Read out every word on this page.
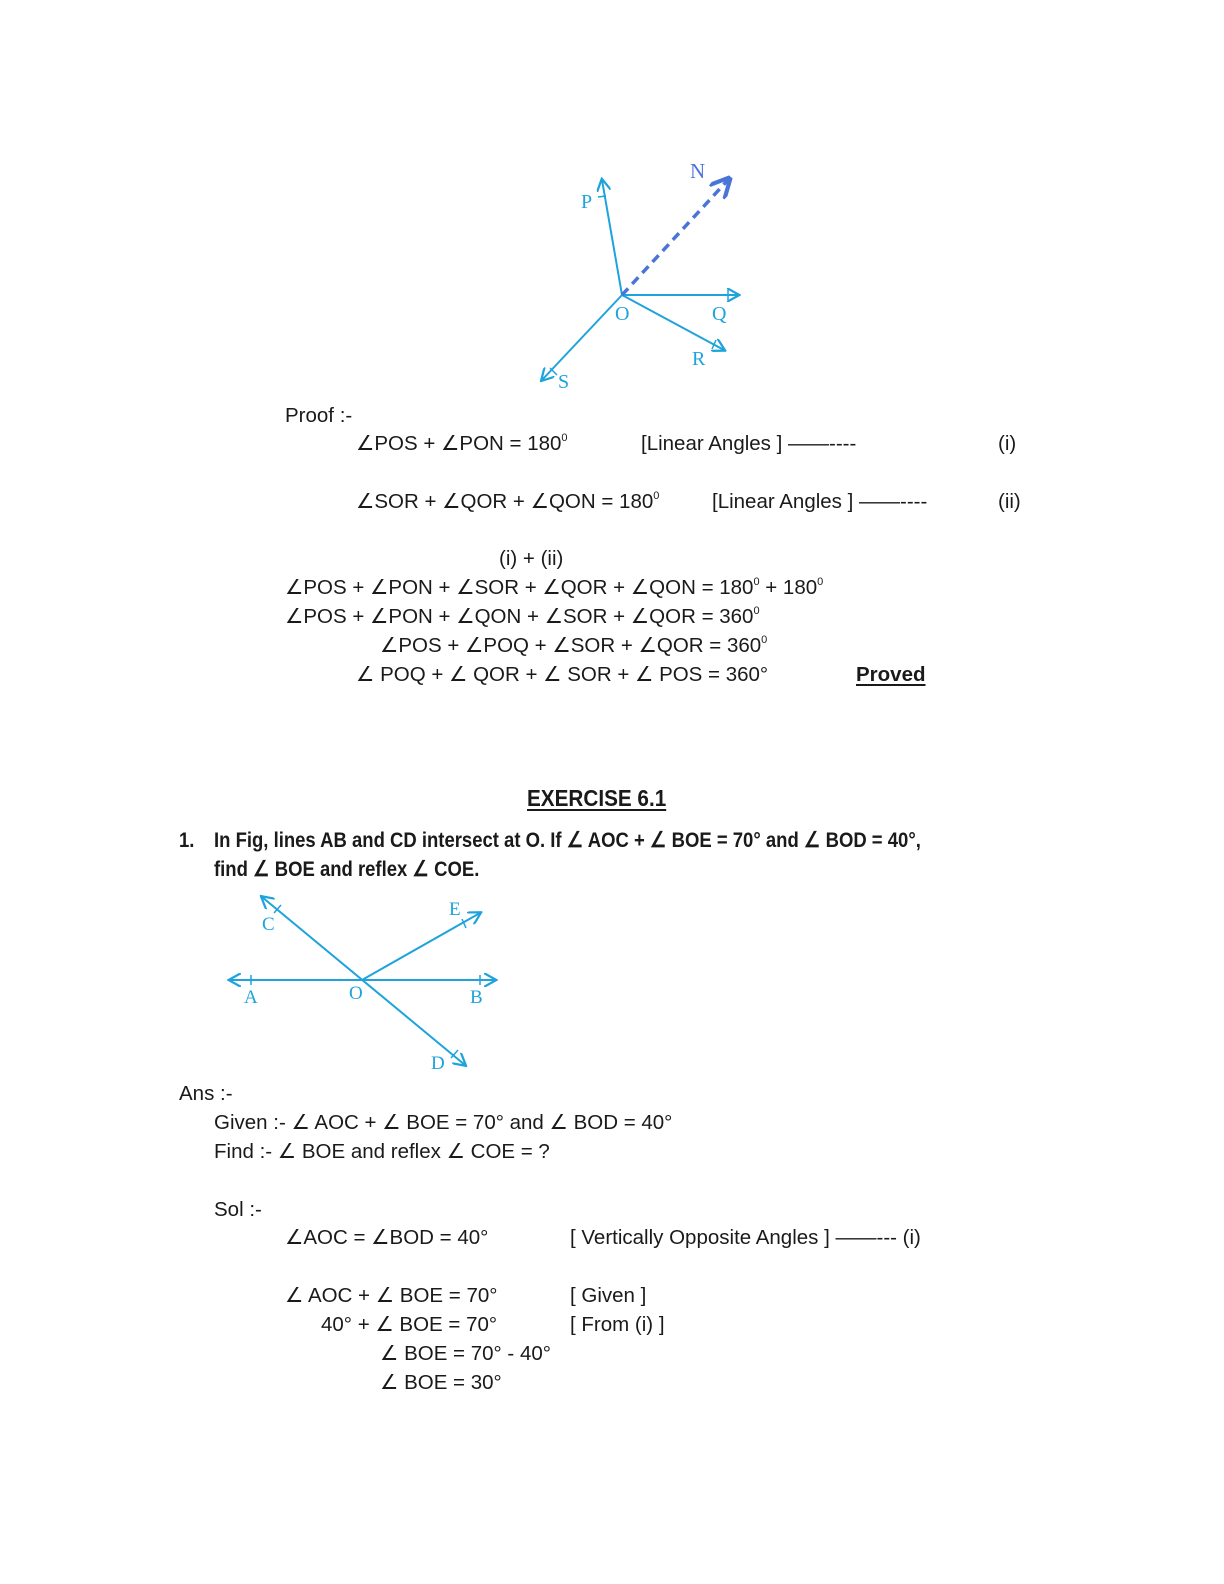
N
P
O	Q
R
S
Proof :-
∠POS + ∠PON = $180^0$	[Linear Angles ] ——----	(i)
∠SOR + ∠QOR + ∠QON = $180^0$	[Linear Angles ] ——----	(ii)
(i) + (ii)
∠POS + ∠PON + ∠SOR + ∠QOR + ∠QON = $180^0 + 180^0$
∠POS + ∠PON + ∠QON + ∠SOR + ∠QOR = $360^0$
∠POS + ∠POQ + ∠SOR + ∠QOR = $360^0$
∠ POQ + ∠ QOR + ∠ SOR + ∠ POS = 360°	Proved
EXERCISE 6.1
1. In Fig, lines AB and CD intersect at O. If ∠ AOC + ∠ BOE = 70° and ∠ BOD = 40°,
find ∠ BOE and reflex ∠ COE.
C
E
A	O	B
D
Ans :-
Given :- ∠ AOC + ∠ BOE = 70° and ∠ BOD = 40°
Find :- ∠ BOE and reflex ∠ COE = ?
Sol :-
∠AOC = ∠BOD = 40°	[ Vertically Opposite Angles ] ——--- (i)
∠ AOC + ∠ BOE = 70°	[ Given ]
40° + ∠ BOE = 70°	[ From (i) ]
∠ BOE = 70° - 40°
∠ BOE = 30°
